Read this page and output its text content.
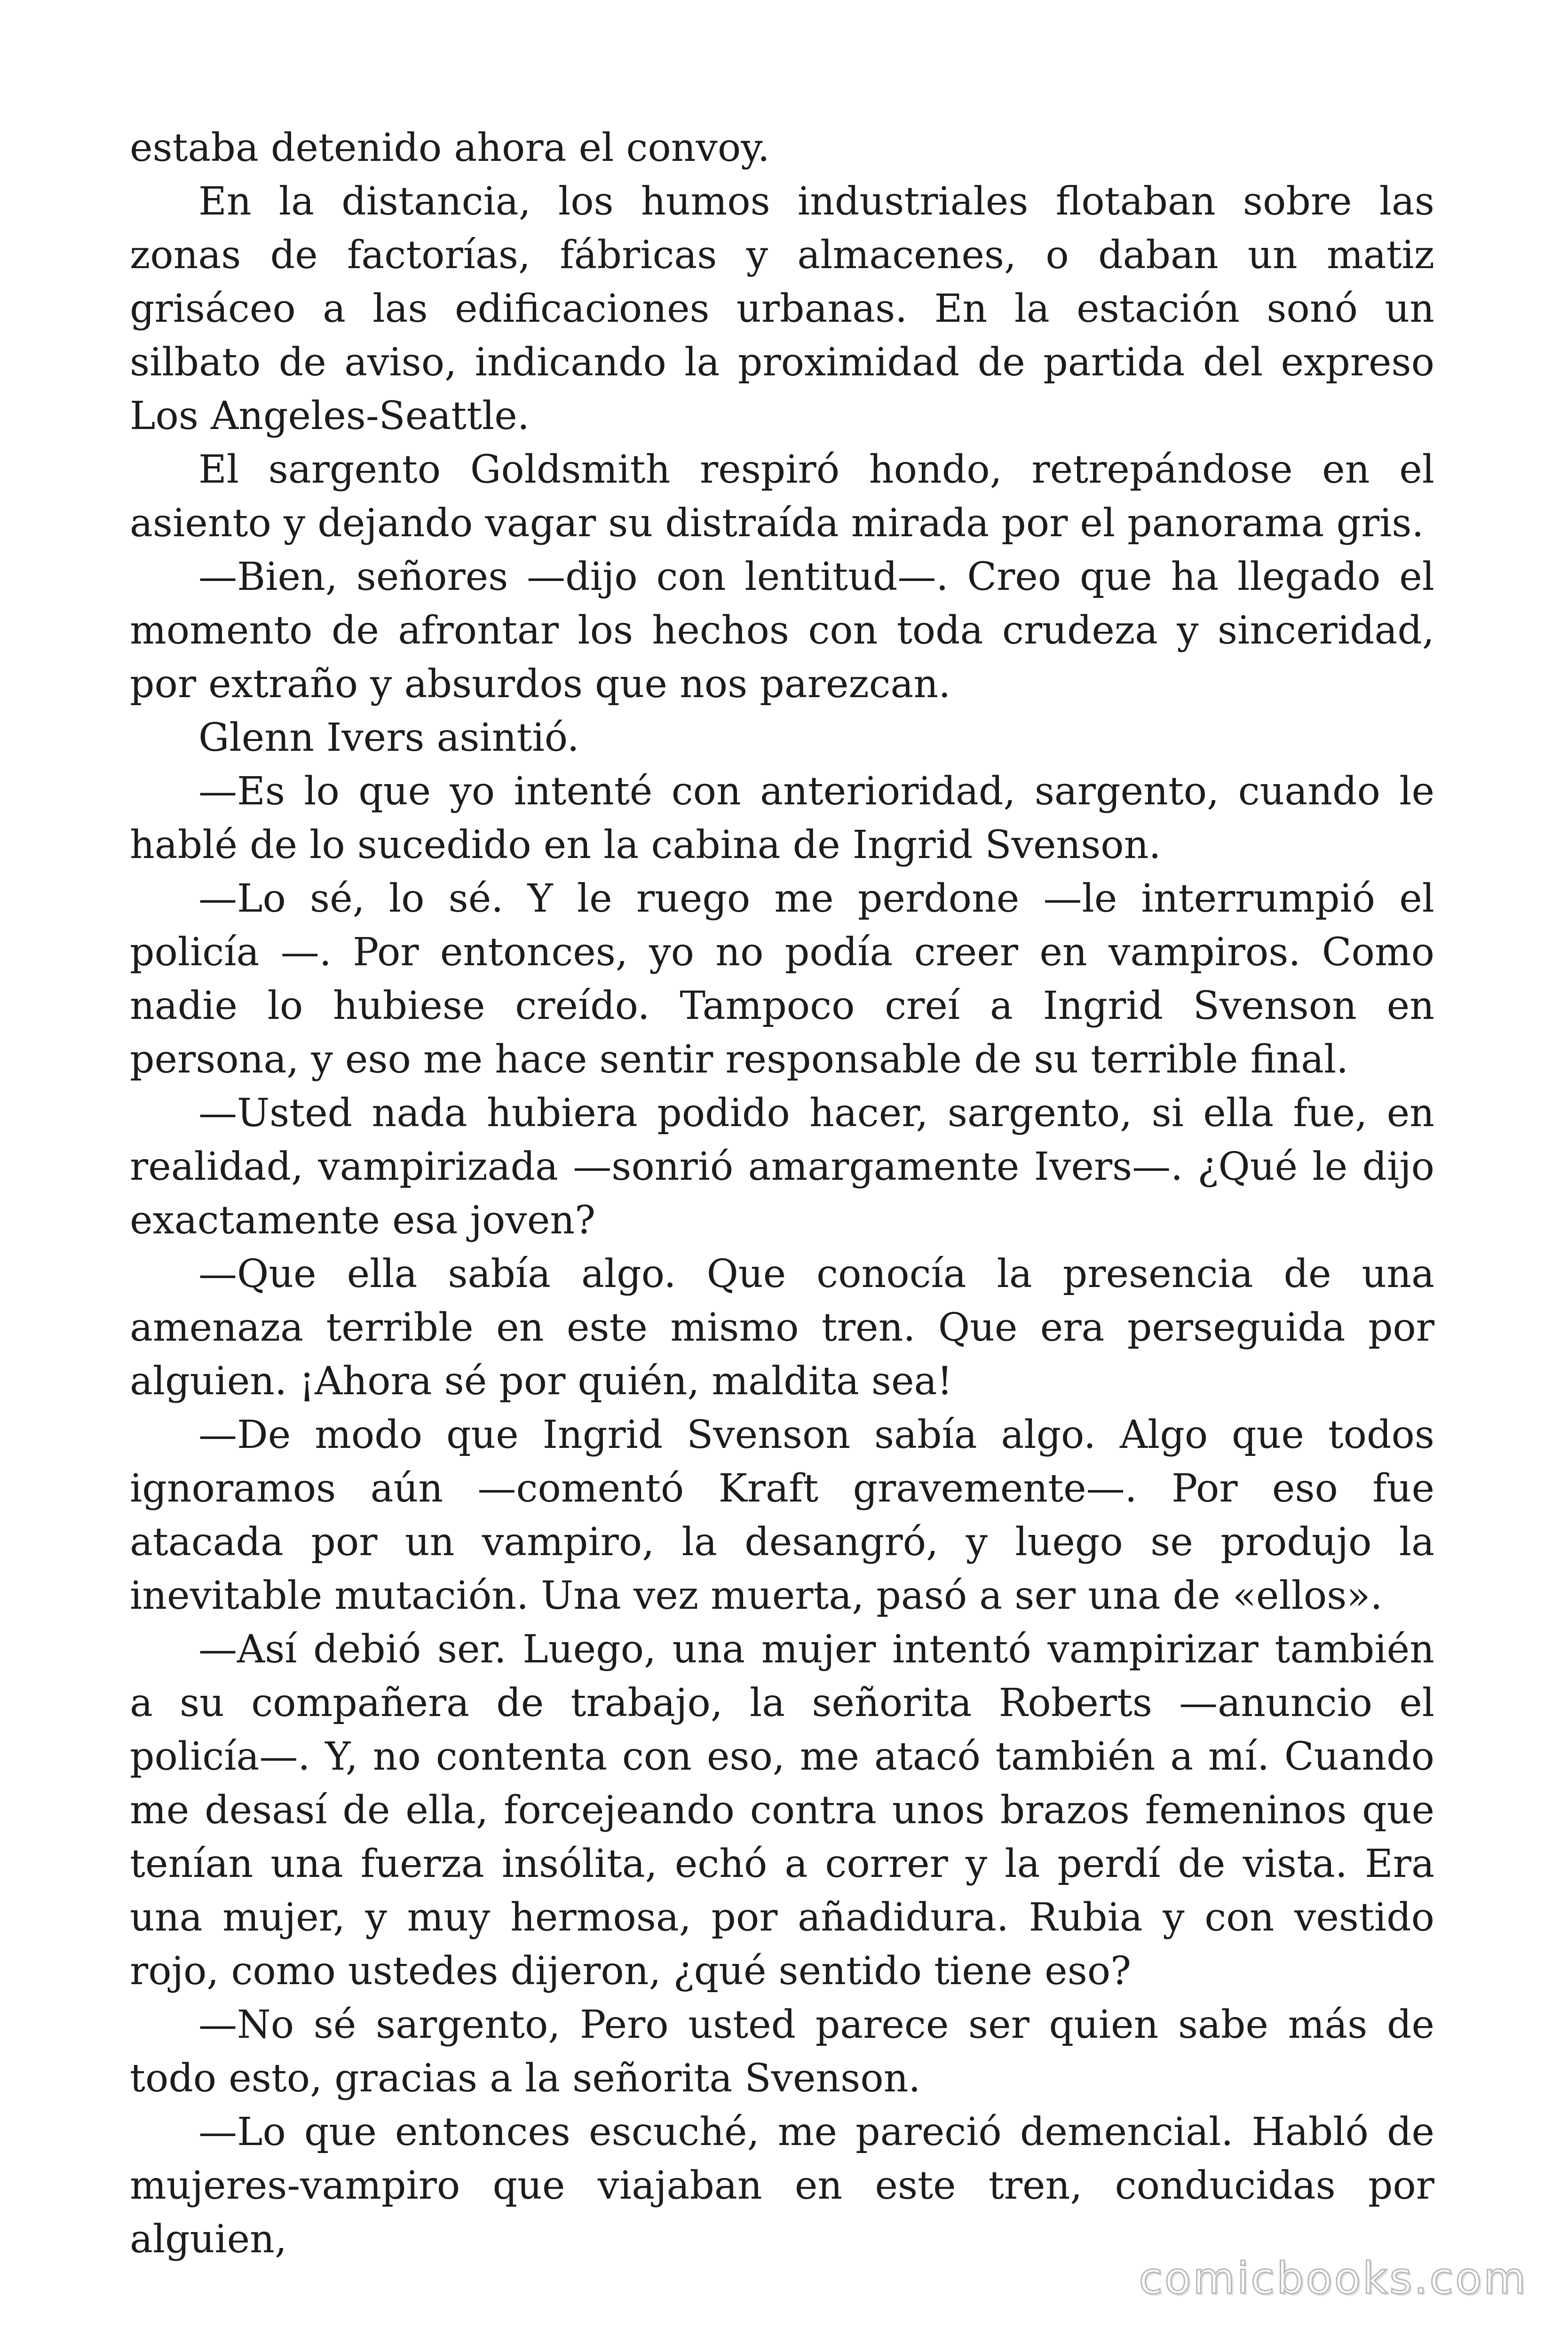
estaba detenido ahora el convoy.

En la distancia, los humos industriales flotaban sobre las zonas de factorías, fábricas y almacenes, o daban un matiz grisáceo a las edificaciones urbanas. En la estación sonó un silbato de aviso, indicando la proximidad de partida del expreso Los Angeles-Seattle.

El sargento Goldsmith respiró hondo, retrepándose en el asiento y dejando vagar su distraída mirada por el panorama gris.

—Bien, señores —dijo con lentitud—. Creo que ha llegado el momento de afrontar los hechos con toda crudeza y sinceridad, por extraño y absurdos que nos parezcan.

Glenn Ivers asintió.

—Es lo que yo intenté con anterioridad, sargento, cuando le hablé de lo sucedido en la cabina de Ingrid Svenson.

—Lo sé, lo sé. Y le ruego me perdone —le interrumpió el policía —. Por entonces, yo no podía creer en vampiros. Como nadie lo hubiese creído. Tampoco creí a Ingrid Svenson en persona, y eso me hace sentir responsable de su terrible final.

—Usted nada hubiera podido hacer, sargento, si ella fue, en realidad, vampirizada —sonrió amargamente Ivers—. ¿Qué le dijo exactamente esa joven?

—Que ella sabía algo. Que conocía la presencia de una amenaza terrible en este mismo tren. Que era perseguida por alguien. ¡Ahora sé por quién, maldita sea!

—De modo que Ingrid Svenson sabía algo. Algo que todos ignoramos aún —comentó Kraft gravemente—. Por eso fue atacada por un vampiro, la desangró, y luego se produjo la inevitable mutación. Una vez muerta, pasó a ser una de «ellos».

—Así debió ser. Luego, una mujer intentó vampirizar también a su compañera de trabajo, la señorita Roberts —anuncio el policía—. Y, no contenta con eso, me atacó también a mí. Cuando me desasí de ella, forcejeando contra unos brazos femeninos que tenían una fuerza insólita, echó a correr y la perdí de vista. Era una mujer, y muy hermosa, por añadidura. Rubia y con vestido rojo, como ustedes dijeron, ¿qué sentido tiene eso?

—No sé sargento, Pero usted parece ser quien sabe más de todo esto, gracias a la señorita Svenson.

—Lo que entonces escuché, me pareció demencial. Habló de mujeres-vampiro que viajaban en este tren, conducidas por alguien,

comicbooks.com
